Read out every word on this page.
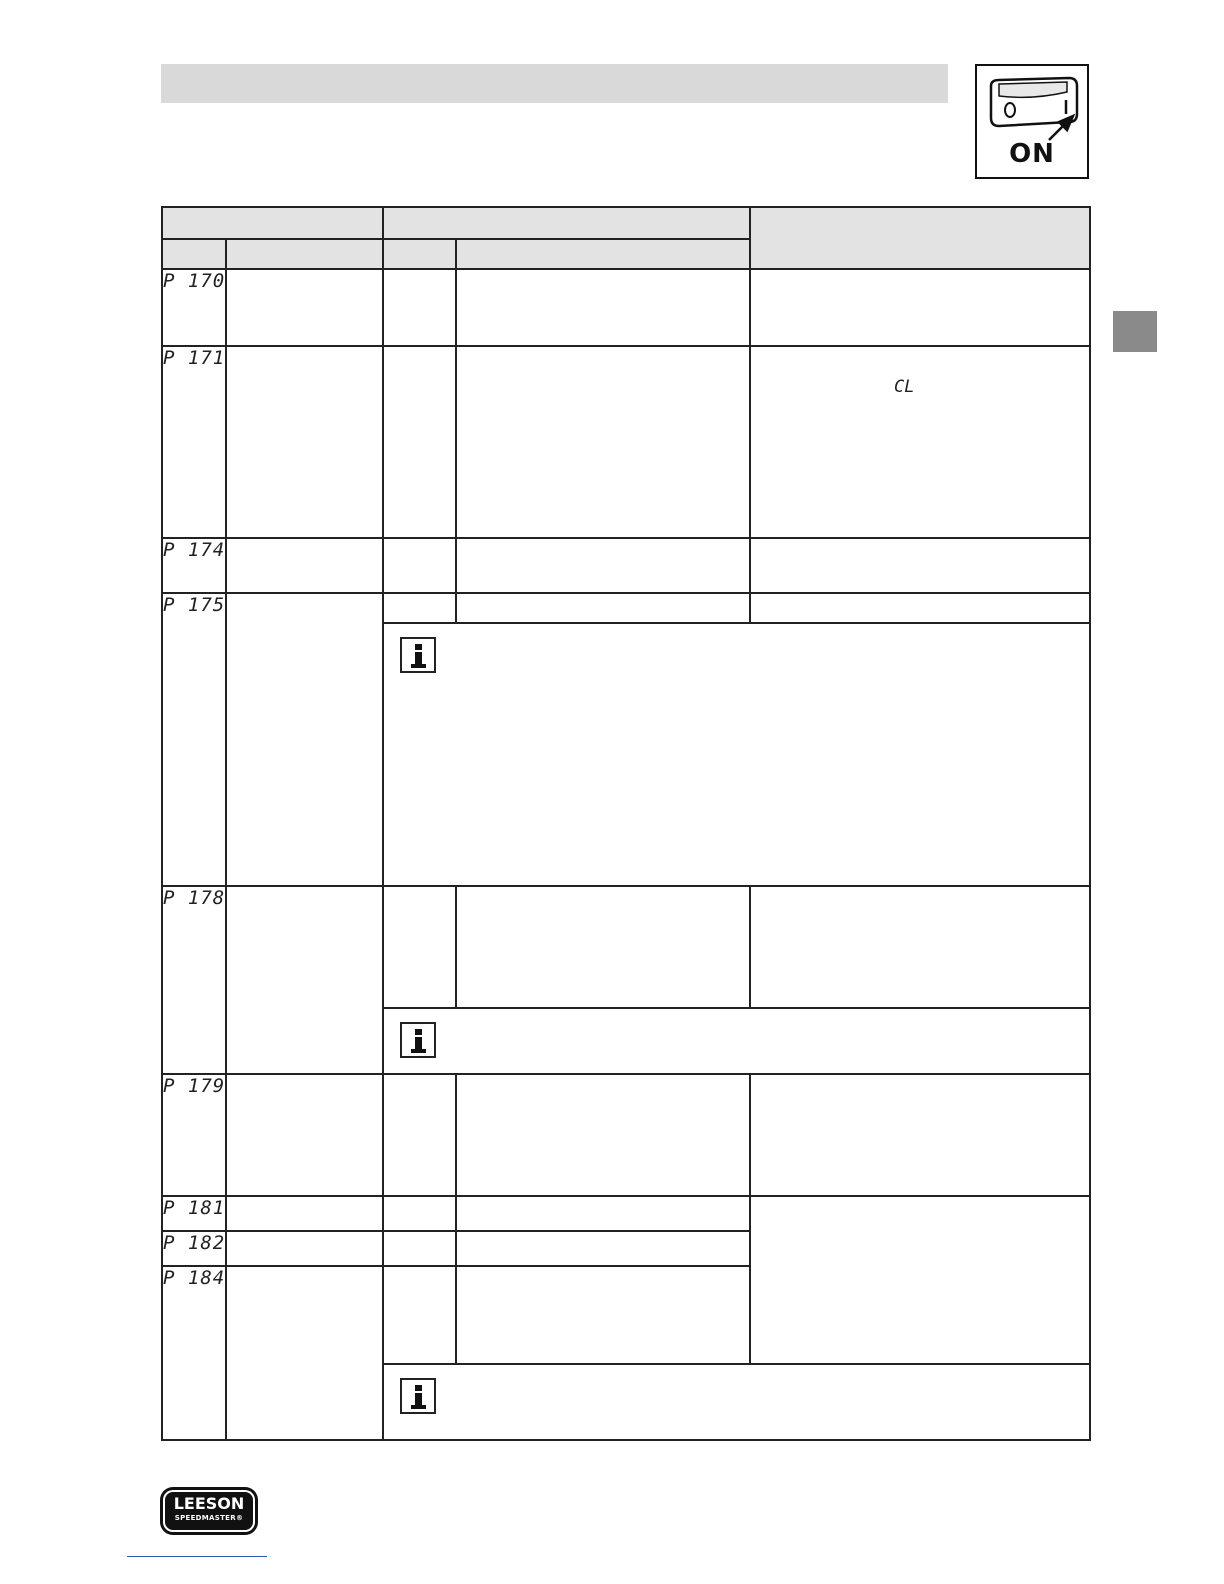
ON

P 170				
P 171				CL

P 174				
P 175				

P 178				

P 179				
P 181				
P 182				
P 184				

LEESON
SPEEDMASTER®
